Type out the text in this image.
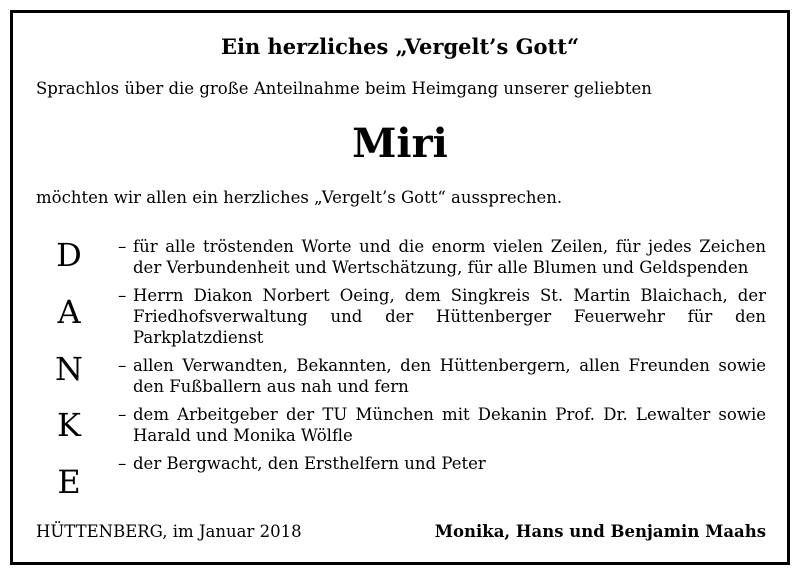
Ein herzliches „Vergelt’s Gott“
Sprachlos über die große Anteilnahme beim Heimgang unserer geliebten
Miri
möchten wir allen ein herzliches „Vergelt’s Gott“ aussprechen.
D
A
N
K
E
– für alle tröstenden Worte und die enorm vielen Zeilen, für jedes Zeichen der Verbundenheit und Wertschätzung, für alle Blumen und Geldspenden
– Herrn Diakon Norbert Oeing, dem Singkreis St. Martin Blaichach, der Friedhofsverwaltung und der Hüttenberger Feuerwehr für den Parkplatzdienst
– allen Verwandten, Bekannten, den Hüttenbergern, allen Freunden sowie den Fußballern aus nah und fern
– dem Arbeitgeber der TU München mit Dekanin Prof. Dr. Lewalter sowie Harald und Monika Wölfle
– der Bergwacht, den Ersthelfern und Peter
HÜTTENBERG, im Januar 2018	Monika, Hans und Benjamin Maahs
